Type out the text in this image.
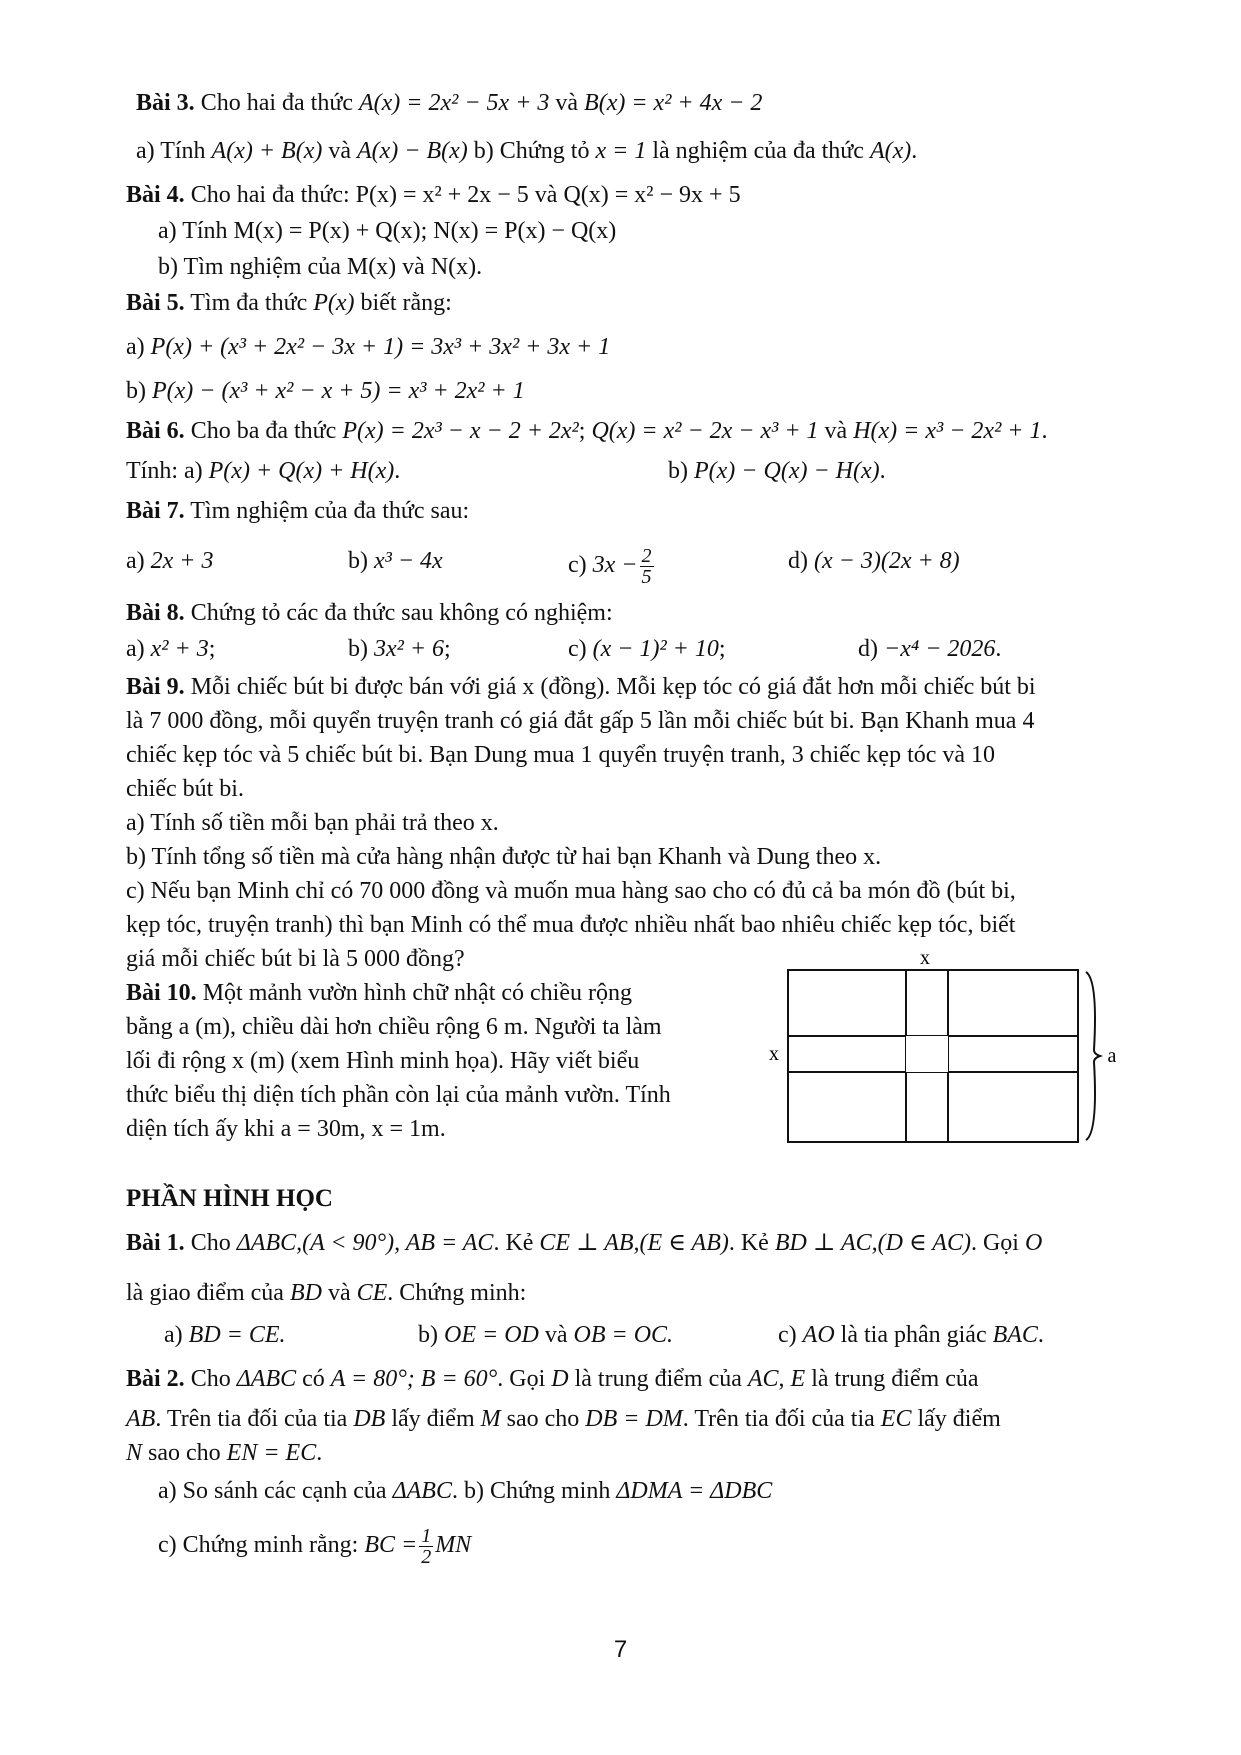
Bài 3. Cho hai đa thức A(x) = 2x² − 5x + 3 và B(x) = x² + 4x − 2
a) Tính A(x) + B(x) và A(x) − B(x) b) Chứng tỏ x = 1 là nghiệm của đa thức A(x).
Bài 4. Cho hai đa thức: P(x) = x² + 2x − 5 và Q(x) = x² − 9x + 5
a) Tính M(x) = P(x) + Q(x); N(x) = P(x) − Q(x)
b) Tìm nghiệm của M(x) và N(x).
Bài 5. Tìm đa thức P(x) biết rằng:
a) P(x) + (x³ + 2x² − 3x + 1) = 3x³ + 3x² + 3x + 1
b) P(x) − (x³ + x² − x + 5) = x³ + 2x² + 1
Bài 6. Cho ba đa thức P(x) = 2x³ − x − 2 + 2x²; Q(x) = x² − 2x − x³ + 1 và H(x) = x³ − 2x² + 1.
Tính: a) P(x) + Q(x) + H(x).	b) P(x) − Q(x) − H(x).
Bài 7. Tìm nghiệm của đa thức sau:
a) 2x + 3	b) x³ − 4x	c) $3x - \frac{2}{5}$	d) (x − 3)(2x + 8)
Bài 8. Chứng tỏ các đa thức sau không có nghiệm:
a) x² + 3;	b) 3x² + 6;	c) (x − 1)² + 10;	d) −x⁴ − 2026.
Bài 9. Mỗi chiếc bút bi được bán với giá x (đồng). Mỗi kẹp tóc có giá đắt hơn mỗi chiếc bút bi
là 7 000 đồng, mỗi quyển truyện tranh có giá đắt gấp 5 lần mỗi chiếc bút bi. Bạn Khanh mua 4
chiếc kẹp tóc và 5 chiếc bút bi. Bạn Dung mua 1 quyển truyện tranh, 3 chiếc kẹp tóc và 10
chiếc bút bi.
a) Tính số tiền mỗi bạn phải trả theo x.
b) Tính tổng số tiền mà cửa hàng nhận được từ hai bạn Khanh và Dung theo x.
c) Nếu bạn Minh chỉ có 70 000 đồng và muốn mua hàng sao cho có đủ cả ba món đồ (bút bi,
kẹp tóc, truyện tranh) thì bạn Minh có thể mua được nhiều nhất bao nhiêu chiếc kẹp tóc, biết
giá mỗi chiếc bút bi là 5 000 đồng?
Bài 10. Một mảnh vườn hình chữ nhật có chiều rộng
bằng a (m), chiều dài hơn chiều rộng 6 m. Người ta làm
lối đi rộng x (m) (xem Hình minh họa). Hãy viết biểu
thức biểu thị diện tích phần còn lại của mảnh vườn. Tính
diện tích ấy khi a = 30m, x = 1m.
x
x	a
PHẦN HÌNH HỌC
Bài 1. Cho ΔABC,(A < 90°), AB = AC. Kẻ CE ⊥ AB,(E ∈ AB). Kẻ BD ⊥ AC,(D ∈ AC). Gọi O
là giao điểm của BD và CE. Chứng minh:
a) BD = CE.	b) OE = OD và OB = OC.	c) AO là tia phân giác BAC.
Bài 2. Cho ΔABC có A = 80°; B = 60°. Gọi D là trung điểm của AC, E là trung điểm của
AB. Trên tia đối của tia DB lấy điểm M sao cho DB = DM. Trên tia đối của tia EC lấy điểm
N sao cho EN = EC.
a) So sánh các cạnh của ΔABC. b) Chứng minh ΔDMA = ΔDBC
c) Chứng minh rằng: BC = $\frac{1}{2}$ MN
7
